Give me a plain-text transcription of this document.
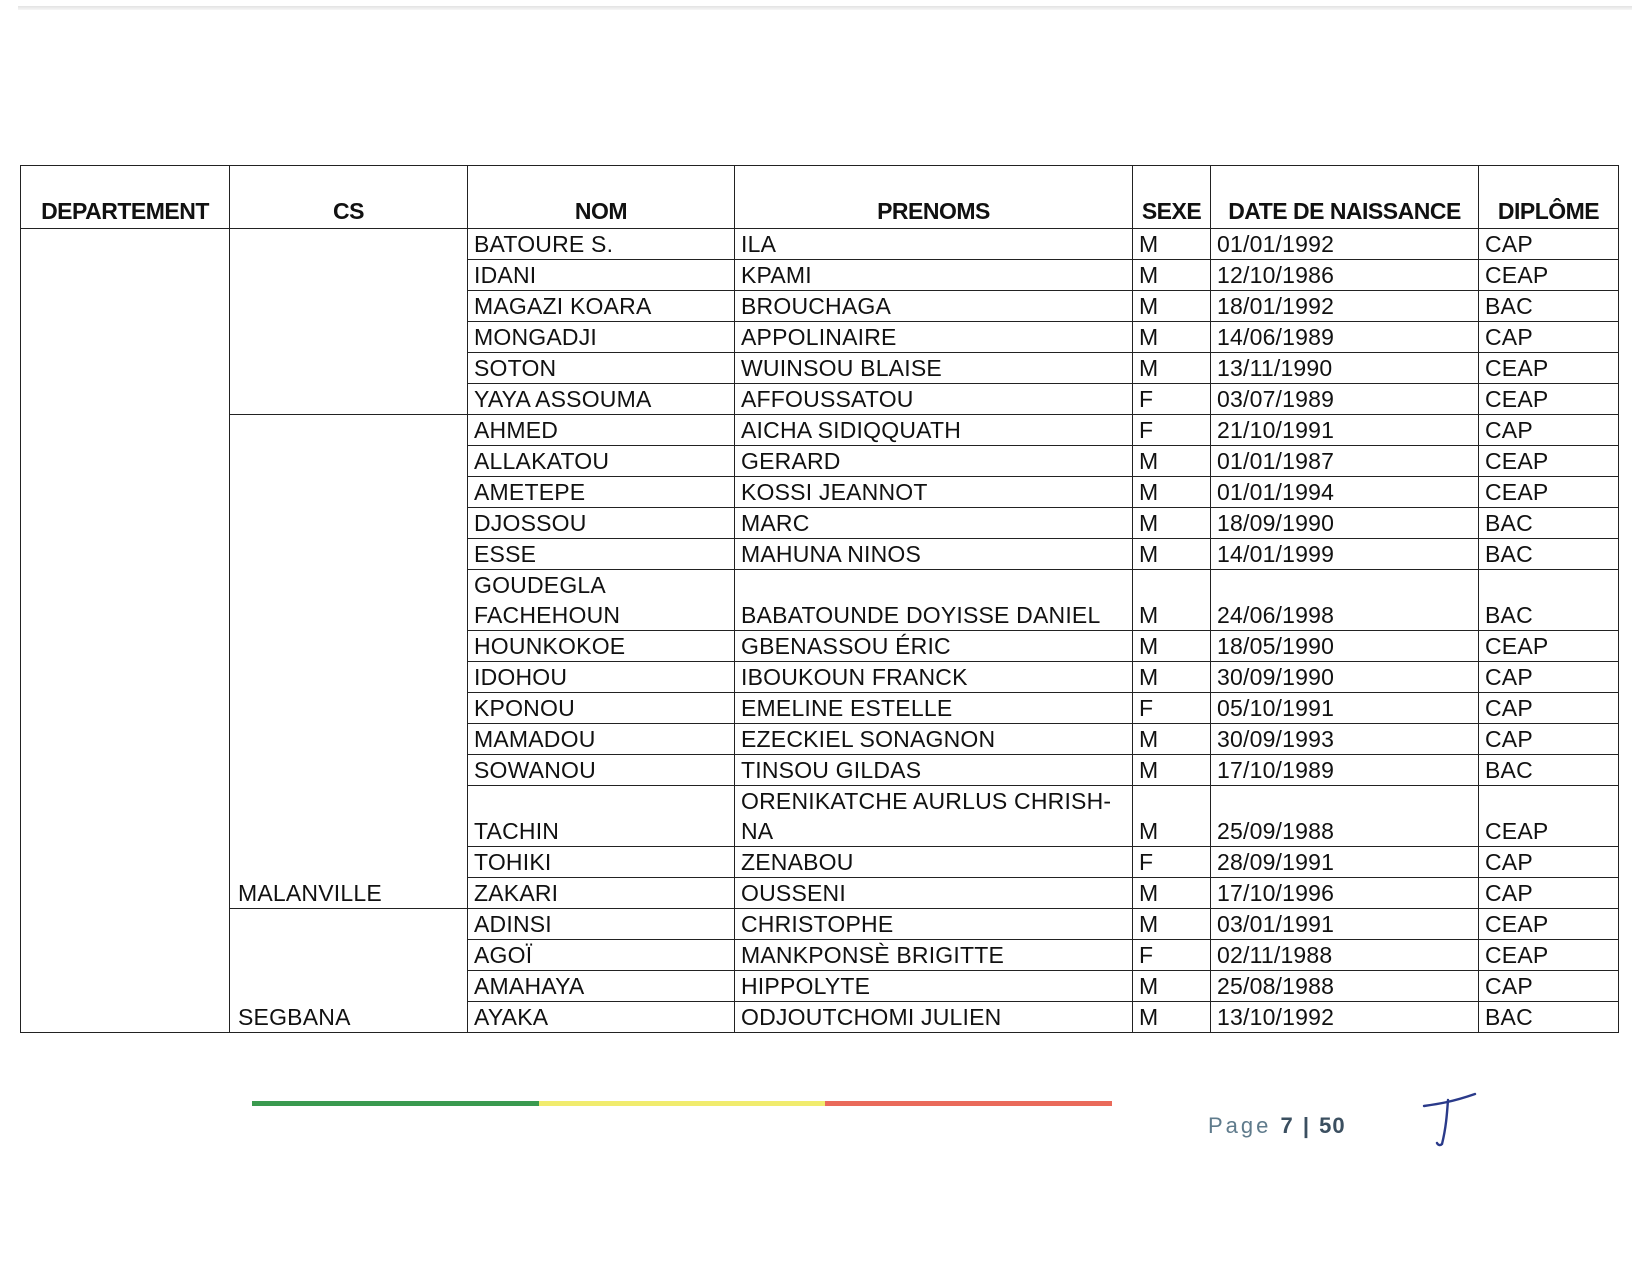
DEPARTEMENT	CS	NOM	PRENOMS	SEXE	DATE DE NAISSANCE	DIPLÔME
		BATOURE S.	ILA	M	01/01/1992	CAP
		IDANI	KPAMI	M	12/10/1986	CEAP
		MAGAZI KOARA	BROUCHAGA	M	18/01/1992	BAC
		MONGADJI	APPOLINAIRE	M	14/06/1989	CAP
		SOTON	WUINSOU BLAISE	M	13/11/1990	CEAP
		YAYA ASSOUMA	AFFOUSSATOU	F	03/07/1989	CEAP
	MALANVILLE	AHMED	AICHA SIDIQQUATH	F	21/10/1991	CAP
		ALLAKATOU	GERARD	M	01/01/1987	CEAP
		AMETEPE	KOSSI JEANNOT	M	01/01/1994	CEAP
		DJOSSOU	MARC	M	18/09/1990	BAC
		ESSE	MAHUNA NINOS	M	14/01/1999	BAC
		GOUDEGLA FACHEHOUN	BABATOUNDE DOYISSE DANIEL	M	24/06/1998	BAC
		HOUNKOKOE	GBENASSOU ÉRIC	M	18/05/1990	CEAP
		IDOHOU	IBOUKOUN FRANCK	M	30/09/1990	CAP
		KPONOU	EMELINE ESTELLE	F	05/10/1991	CAP
		MAMADOU	EZECKIEL SONAGNON	M	30/09/1993	CAP
		SOWANOU	TINSOU GILDAS	M	17/10/1989	BAC
		TACHIN	ORENIKATCHE AURLUS CHRISH-NA	M	25/09/1988	CEAP
		TOHIKI	ZENABOU	F	28/09/1991	CAP
		ZAKARI	OUSSENI	M	17/10/1996	CAP
	SEGBANA	ADINSI	CHRISTOPHE	M	03/01/1991	CEAP
		AGOÏ	MANKPONSÈ BRIGITTE	F	02/11/1988	CEAP
		AMAHAYA	HIPPOLYTE	M	25/08/1988	CAP
		AYAKA	ODJOUTCHOMI JULIEN	M	13/10/1992	BAC
Page 7 | 50
